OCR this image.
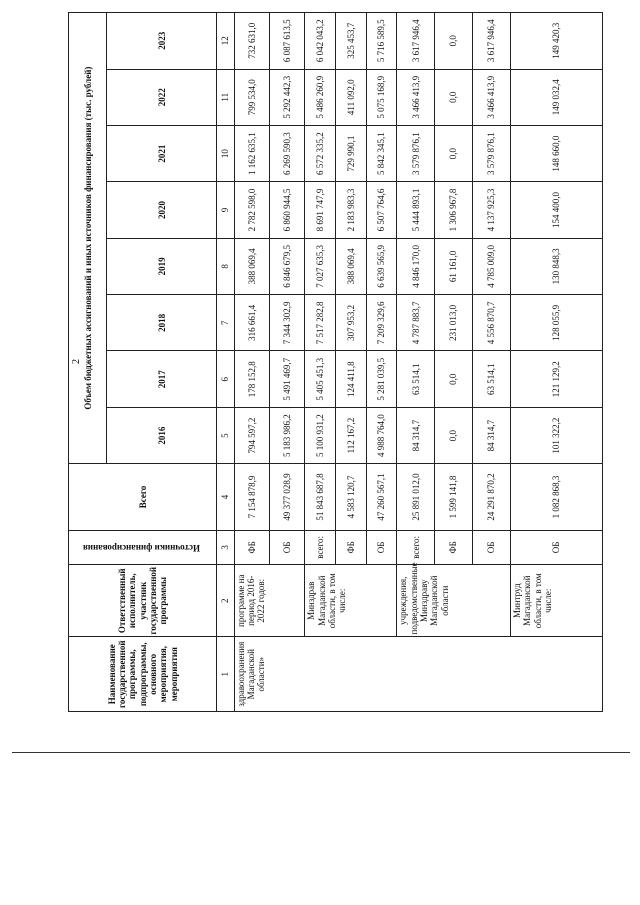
2
Наименование государственной программы, подпрограммы, основного мероприятия, мероприятия	Ответственный исполнитель, участник государственной программы	Источники финансирования	Всего	Объем бюджетных ассигнований и иных источников финансирования (тыс. рублей)							
				2016	2017	2018	2019	2020	2021	2022	2023
1	2	3	4	5	6	7	8	9	10	11	12
здравоохранения Магаданской области»	программе на период 2016-2022 годов:	ФБ	7 154 878,9	794 597,2	178 152,8	316 661,4	388 069,4	2 782 598,0	1 162 635,1	799 534,0	732 631,0
		ОБ	49 377 028,9	5 183 986,2	5 491 469,7	7 344 302,9	6 846 679,5	6 860 944,5	6 269 590,3	5 292 442,3	6 087 613,5
	Минздрав Магаданской области, в том числе:	всего:	51 843 687,8	5 100 931,2	5 405 451,3	7 517 282,8	7 027 635,3	8 691 747,9	6 572 335,2	5 486 260,9	6 042 043,2
		ФБ	4 583 120,7	112 167,2	124 411,8	307 953,2	388 069,4	2 183 983,3	729 990,1	411 092,0	325 453,7
		ОБ	47 260 567,1	4 988 764,0	5 281 039,5	7 209 329,6	6 639 565,9	6 507 764,6	5 842 345,1	5 075 168,9	5 716 589,5
	учреждения, подведомственные Минздраву Магаданской области	всего:	25 891 012,0	84 314,7	63 514,1	4 787 883,7	4 846 170,0	5 444 893,1	3 579 876,1	3 466 413,9	3 617 946,4
		ФБ	1 599 141,8	0,0	0,0	231 013,0	61 161,0	1 306 967,8	0,0	0,0	0,0
		ОБ	24 291 870,2	84 314,7	63 514,1	4 556 870,7	4 785 009,0	4 137 925,3	3 579 876,1	3 466 413,9	3 617 946,4
	Минтруд Магаданской области, в том числе:	ОБ	1 082 868,3	101 322,2	121 129,2	128 055,9	130 848,3	154 400,0	148 660,0	149 032,4	149 420,3
